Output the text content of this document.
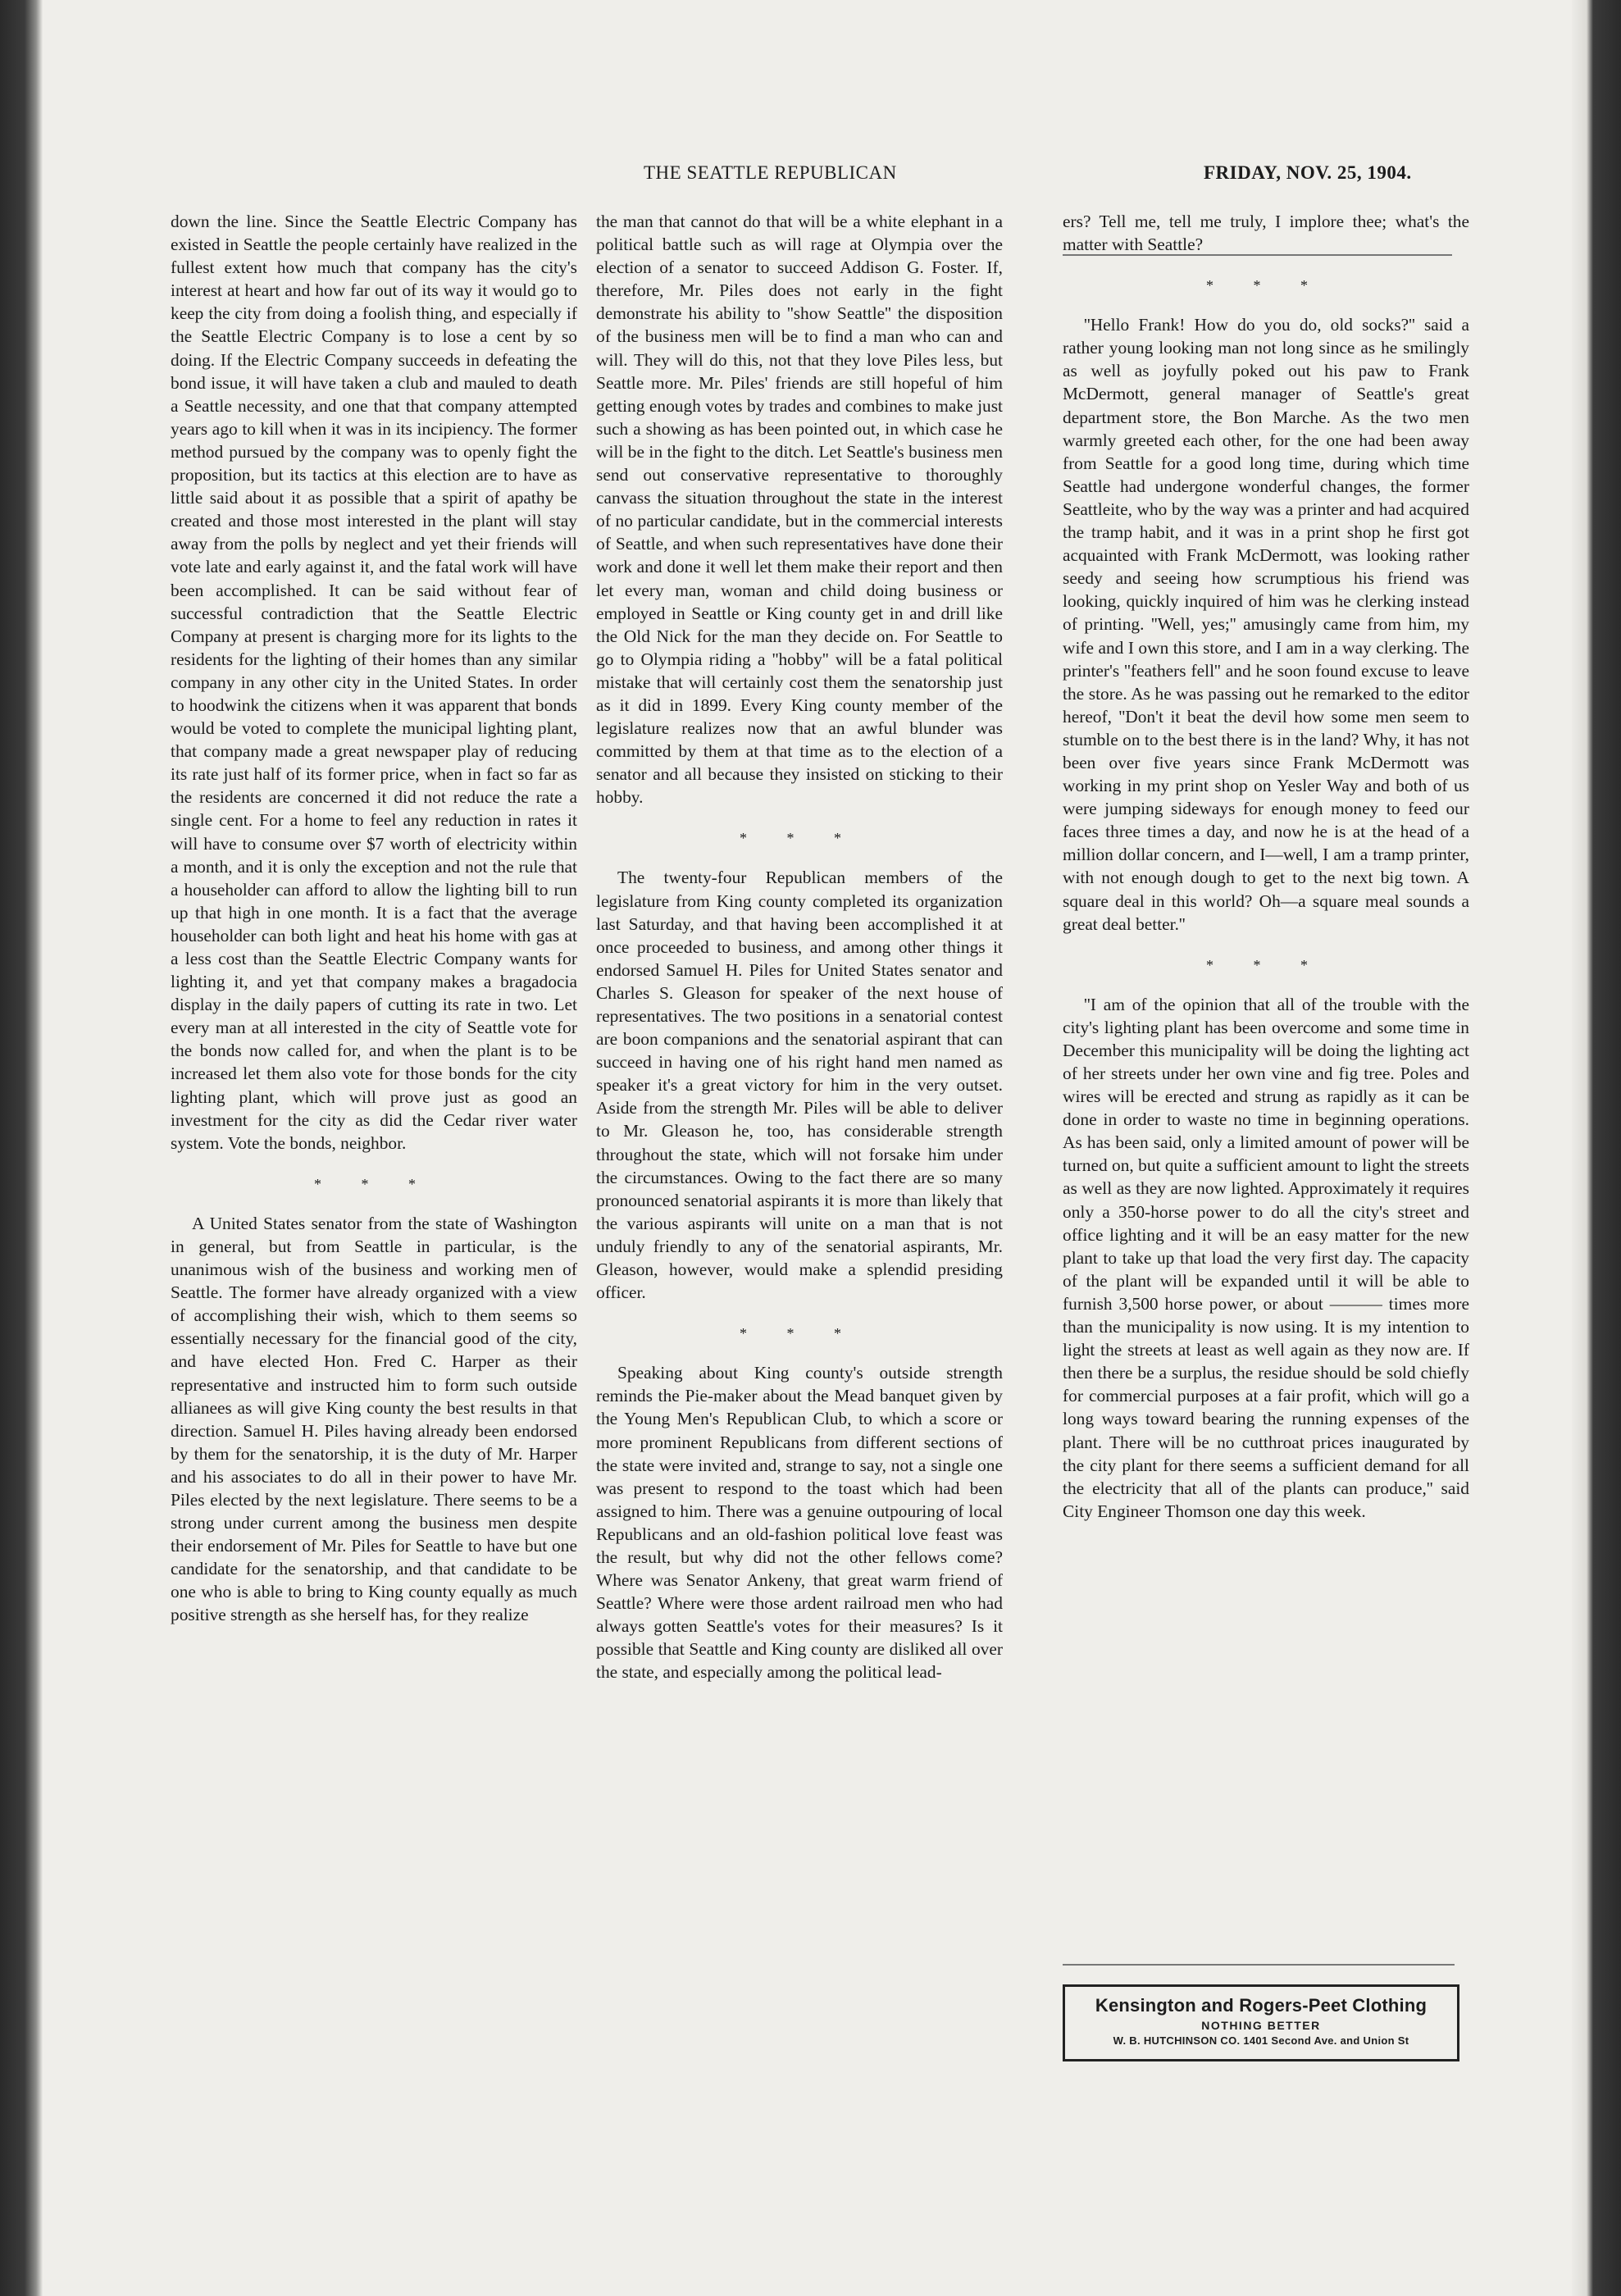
THE SEATTLE REPUBLICAN	FRIDAY, NOV. 25, 1904.

down the line. Since the Seattle Electric Company has existed in Seattle the people certainly have realized in the fullest extent how much that company has the city's interest at heart and how far out of its way it would go to keep the city from doing a foolish thing, and especially if the Seattle Electric Company is to lose a cent by so doing. If the Electric Company succeeds in defeating the bond issue, it will have taken a club and mauled to death a Seattle necessity, and one that that company attempted years ago to kill when it was in its incipiency. The former method pursued by the company was to openly fight the proposition, but its tactics at this election are to have as little said about it as possible that a spirit of apathy be created and those most interested in the plant will stay away from the polls by neglect and yet their friends will vote late and early against it, and the fatal work will have been accomplished. It can be said without fear of successful contradiction that the Seattle Electric Company at present is charging more for its lights to the residents for the lighting of their homes than any similar company in any other city in the United States. In order to hoodwink the citizens when it was apparent that bonds would be voted to complete the municipal lighting plant, that company made a great newspaper play of reducing its rate just half of its former price, when in fact so far as the residents are concerned it did not reduce the rate a single cent. For a home to feel any reduction in rates it will have to consume over $7 worth of electricity within a month, and it is only the exception and not the rule that a householder can afford to allow the lighting bill to run up that high in one month. It is a fact that the average householder can both light and heat his home with gas at a less cost than the Seattle Electric Company wants for lighting it, and yet that company makes a bragadocia display in the daily papers of cutting its rate in two. Let every man at all interested in the city of Seattle vote for the bonds now called for, and when the plant is to be increased let them also vote for those bonds for the city lighting plant, which will prove just as good an investment for the city as did the Cedar river water system. Vote the bonds, neighbor.

* * *

A United States senator from the state of Washington in general, but from Seattle in particular, is the unanimous wish of the business and working men of Seattle. The former have already organized with a view of accomplishing their wish, which to them seems so essentially necessary for the financial good of the city, and have elected Hon. Fred C. Harper as their representative and instructed him to form such outside allianees as will give King county the best results in that direction. Samuel H. Piles having already been endorsed by them for the senatorship, it is the duty of Mr. Harper and his associates to do all in their power to have Mr. Piles elected by the next legislature. There seems to be a strong under current among the business men despite their endorsement of Mr. Piles for Seattle to have but one candidate for the senatorship, and that candidate to be one who is able to bring to King county equally as much positive strength as she herself has, for they realize

the man that cannot do that will be a white elephant in a political battle such as will rage at Olympia over the election of a senator to succeed Addison G. Foster. If, therefore, Mr. Piles does not early in the fight demonstrate his ability to ''show Seattle'' the disposition of the business men will be to find a man who can and will. They will do this, not that they love Piles less, but Seattle more. Mr. Piles' friends are still hopeful of him getting enough votes by trades and combines to make just such a showing as has been pointed out, in which case he will be in the fight to the ditch. Let Seattle's business men send out conservative representative to thoroughly canvass the situation throughout the state in the interest of no particular candidate, but in the commercial interests of Seattle, and when such representatives have done their work and done it well let them make their report and then let every man, woman and child doing business or employed in Seattle or King county get in and drill like the Old Nick for the man they decide on. For Seattle to go to Olympia riding a ''hobby'' will be a fatal political mistake that will certainly cost them the senatorship just as it did in 1899. Every King county member of the legislature realizes now that an awful blunder was committed by them at that time as to the election of a senator and all because they insisted on sticking to their hobby.

* * *

The twenty-four Republican members of the legislature from King county completed its organization last Saturday, and that having been accomplished it at once proceeded to business, and among other things it endorsed Samuel H. Piles for United States senator and Charles S. Gleason for speaker of the next house of representatives. The two positions in a senatorial contest are boon companions and the senatorial aspirant that can succeed in having one of his right hand men named as speaker it's a great victory for him in the very outset. Aside from the strength Mr. Piles will be able to deliver to Mr. Gleason he, too, has considerable strength throughout the state, which will not forsake him under the circumstances. Owing to the fact there are so many pronounced senatorial aspirants it is more than likely that the various aspirants will unite on a man that is not unduly friendly to any of the senatorial aspirants, Mr. Gleason, however, would make a splendid presiding officer.

* * *

Speaking about King county's outside strength reminds the Pie-maker about the Mead banquet given by the Young Men's Republican Club, to which a score or more prominent Republicans from different sections of the state were invited and, strange to say, not a single one was present to respond to the toast which had been assigned to him. There was a genuine outpouring of local Republicans and an old-fashion political love feast was the result, but why did not the other fellows come? Where was Senator Ankeny, that great warm friend of Seattle? Where were those ardent railroad men who had always gotten Seattle's votes for their measures? Is it possible that Seattle and King county are disliked all over the state, and especially among the political lead-

ers? Tell me, tell me truly, I implore thee; what's the matter with Seattle?

* * *

''Hello Frank! How do you do, old socks?'' said a rather young looking man not long since as he smilingly as well as joyfully poked out his paw to Frank McDermott, general manager of Seattle's great department store, the Bon Marche. As the two men warmly greeted each other, for the one had been away from Seattle for a good long time, during which time Seattle had undergone wonderful changes, the former Seattleite, who by the way was a printer and had acquired the tramp habit, and it was in a print shop he first got acquainted with Frank McDermott, was looking rather seedy and seeing how scrumptious his friend was looking, quickly inquired of him was he clerking instead of printing. ''Well, yes;'' amusingly came from him, my wife and I own this store, and I am in a way clerking. The printer's ''feathers fell'' and he soon found excuse to leave the store. As he was passing out he remarked to the editor hereof, ''Don't it beat the devil how some men seem to stumble on to the best there is in the land? Why, it has not been over five years since Frank McDermott was working in my print shop on Yesler Way and both of us were jumping sideways for enough money to feed our faces three times a day, and now he is at the head of a million dollar concern, and I—well, I am a tramp printer, with not enough dough to get to the next big town. A square deal in this world? Oh—a square meal sounds a great deal better.''

* * *

''I am of the opinion that all of the trouble with the city's lighting plant has been overcome and some time in December this municipality will be doing the lighting act of her streets under her own vine and fig tree. Poles and wires will be erected and strung as rapidly as it can be done in order to waste no time in beginning operations. As has been said, only a limited amount of power will be turned on, but quite a sufficient amount to light the streets as well as they are now lighted. Approximately it requires only a 350-horse power to do all the city's street and office lighting and it will be an easy matter for the new plant to take up that load the very first day. The capacity of the plant will be expanded until it will be able to furnish 3,500 horse power, or about ——— times more than the municipality is now using. It is my intention to light the streets at least as well again as they now are. If then there be a surplus, the residue should be sold chiefly for commercial purposes at a fair profit, which will go a long ways toward bearing the running expenses of the plant. There will be no cutthroat prices inaugurated by the city plant for there seems a sufficient demand for all the electricity that all of the plants can produce,'' said City Engineer Thomson one day this week.

Kensington and Rogers-Peet Clothing
NOTHING BETTER
W. B. HUTCHINSON CO. 1401 Second Ave. and Union St
